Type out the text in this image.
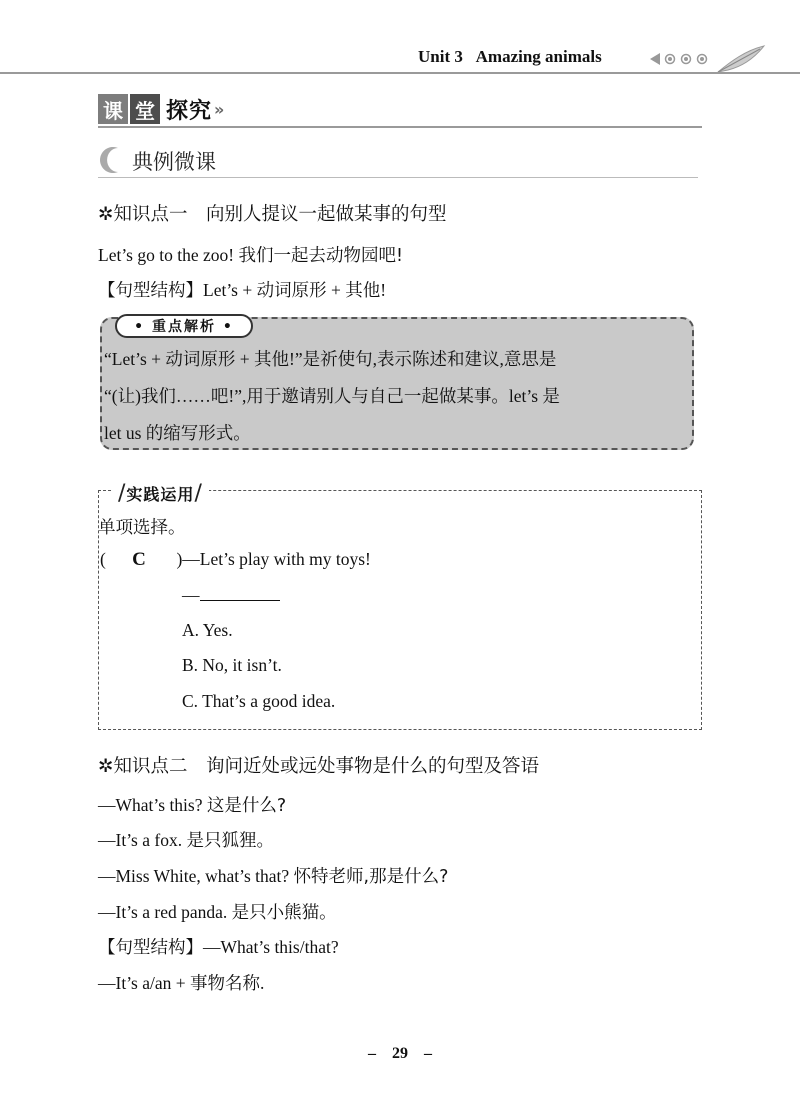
Unit 3 Amazing animals
课 堂 探究 »
典例微课
✲知识点一　向别人提议一起做某事的句型
Let’s go to the zoo! 我们一起去动物园吧!
【句型结构】Let’s + 动词原形 + 其他!
• 重点解析 •
“Let’s + 动词原形 + 其他!”是祈使句,表示陈述和建议,意思是
“(让)我们……吧!”,用于邀请别人与自己一起做某事。let’s 是
let us 的缩写形式。
/实践运用/
单项选择。
( C )—Let’s play with my toys!
—
A. Yes.
B. No, it isn’t.
C. That’s a good idea.
✲知识点二　询问近处或远处事物是什么的句型及答语
—What’s this? 这是什么?
—It’s a fox. 是只狐狸。
—Miss White, what’s that? 怀特老师,那是什么?
—It’s a red panda. 是只小熊猫。
【句型结构】—What’s this/that?
—It’s a/an + 事物名称.
–　29　–
